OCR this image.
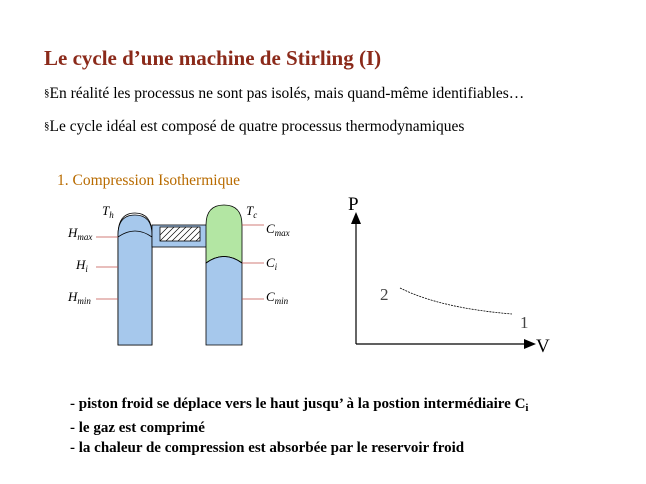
Le cycle d’une machine de Stirling (I)
§En réalité les processus ne sont pas isolés, mais quand-même identifiables…
§Le cycle idéal est composé de quatre processus thermodynamiques
1. Compression Isothermique
$T_h$	$T_c$
$H_{max}$
$H_i$
$H_{min}$
$C_{max}$
$C_i$
$C_{min}$
P
V
2
1
- piston froid se déplace vers le haut jusqu’ à la postion intermédiaire $C_i$
- le gaz est comprimé
- la chaleur de compression est absorbée par le reservoir froid
